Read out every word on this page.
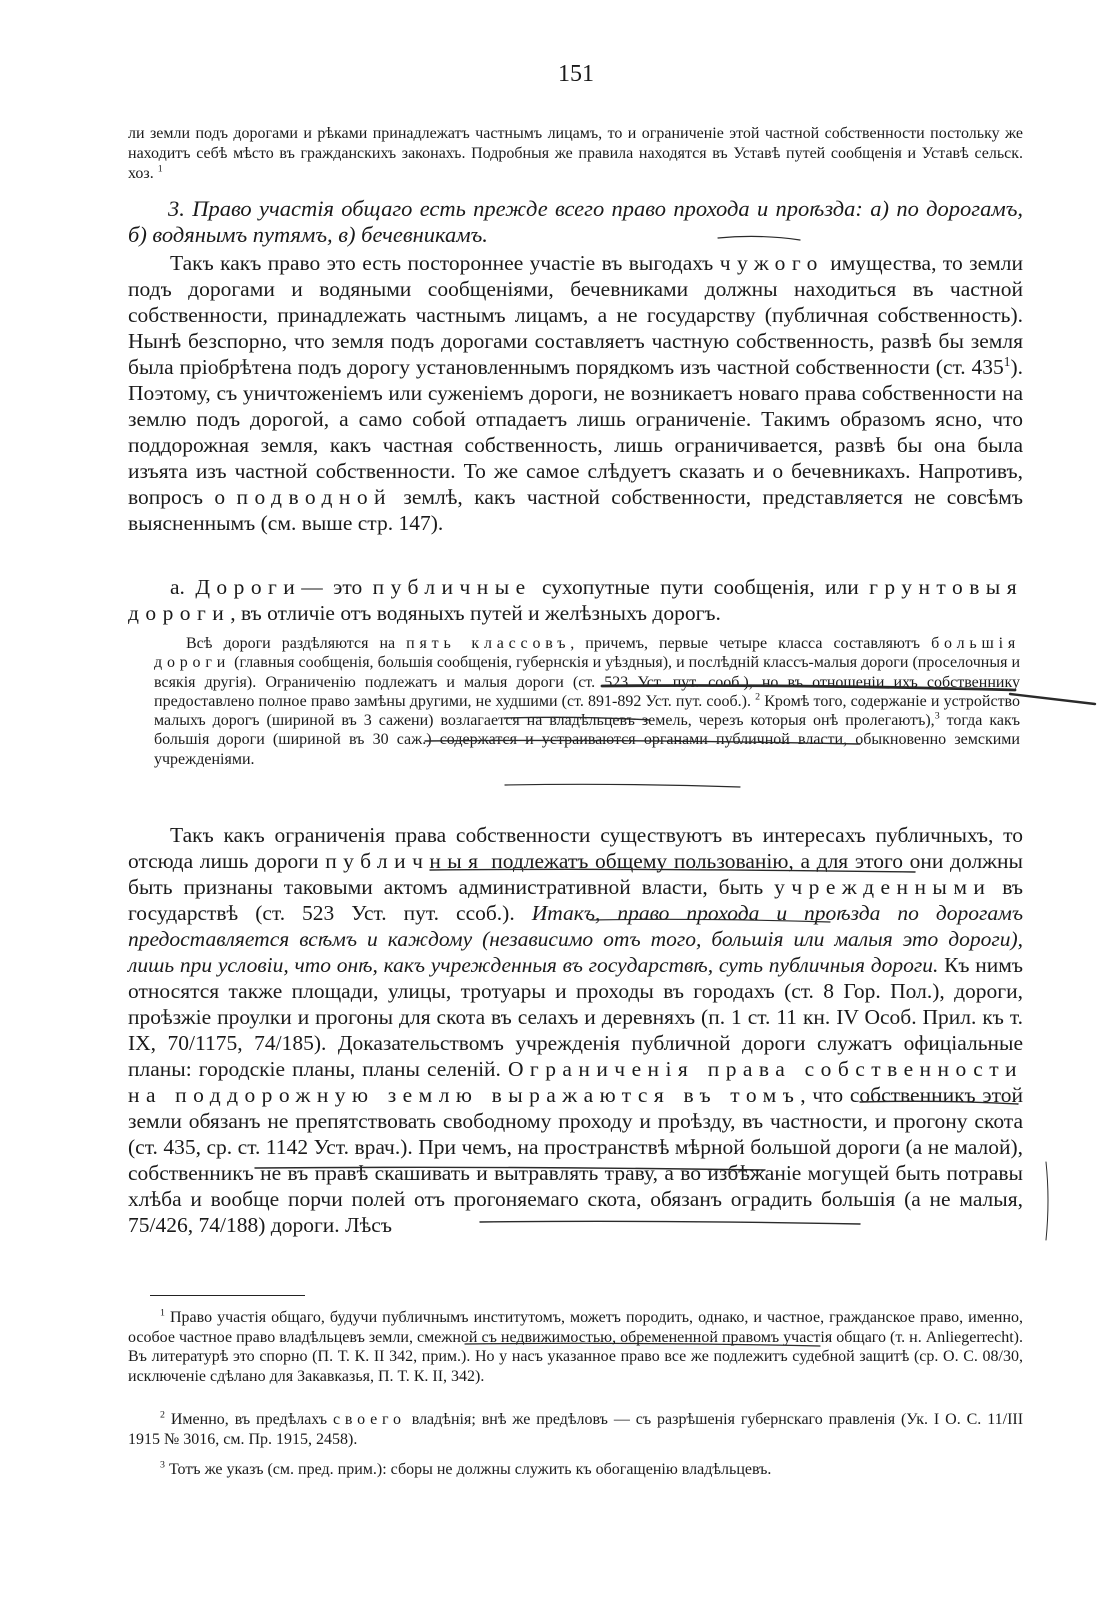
151

ли земли подъ дорогами и рѣками принадлежатъ частнымъ лицамъ, то и ограниченіе этой частной собственности постольку же находитъ себѣ мѣсто въ гражданскихъ законахъ. Подробныя же правила находятся въ Уставѣ путей сообщенія и Уставѣ сельск. хоз. $^1$

3. Право участія общаго есть прежде всего право прохода и проѣзда: а) по дорогамъ, б) водянымъ путямъ, в) бечевникамъ.

Такъ какъ право это есть постороннее участіе въ выгодахъ чужого имущества, то земли подъ дорогами и водяными сообщеніями, бечевниками должны находиться въ частной собственности, принадлежать частнымъ лицамъ, а не государству (публичная собственность). Нынѣ безспорно, что земля подъ дорогами составляетъ частную собственность, развѣ бы земля была пріобрѣтена подъ дорогу установленнымъ порядкомъ изъ частной собственности (ст. $435^1$). Поэтому, съ уничтоженіемъ или суженіемъ дороги, не возникаетъ новаго права собственности на землю подъ дорогой, а само собой отпадаетъ лишь ограниченіе. Такимъ образомъ ясно, что поддорожная земля, какъ частная собственность, лишь ограничивается, развѣ бы она была изъята изъ частной собственности. То же самое слѣдуетъ сказать и о бечевникахъ. Напротивъ, вопросъ о подводной землѣ, какъ частной собственности, представляется не совсѣмъ выясненнымъ (см. выше стр. 147).

а. Дороги— это публичные сухопутные пути сообщенія, или грунтовыя дороги, въ отличіе отъ водяныхъ путей и желѣзныхъ дорогъ.

Всѣ дороги раздѣляются на пять классовъ, причемъ, первые четыре класса составляютъ большія дороги (главныя сообщенія, большія сообщенія, губернскія и уѣздныя), и послѣдній классъ-малыя дороги (проселочныя и всякія другія). Ограниченію подлежатъ и малыя дороги (ст. 523 Уст. пут. сооб.), но въ отношеніи ихъ собственнику предоставлено полное право замѣны другими, не худшими (ст. 891-892 Уст. пут. сооб.). $^2$ Кромѣ того, содержаніе и устройство малыхъ дорогъ (шириной въ 3 сажени) возлагается на владѣльцевъ земель, черезъ которыя онѣ пролегаютъ),$^3$ тогда какъ большія дороги (шириной въ 30 саж.) содержатся и устраиваются органами публичной власти, обыкновенно земскими учрежденіями.

Такъ какъ ограниченія права собственности существуютъ въ интересахъ публичныхъ, то отсюда лишь дороги публичныя подлежатъ общему пользованію, а для этого они должны быть признаны таковыми актомъ административной власти, быть учрежденными въ государствѣ (ст. 523 Уст. пут. ссоб.). Итакъ, право прохода и проѣзда по дорогамъ предоставляется всѣмъ и каждому (независимо отъ того, большія или малыя это дороги), лишь при условіи, что онѣ, какъ учрежденныя въ государствѣ, суть публичныя дороги. Къ нимъ относятся также площади, улицы, тротуары и проходы въ городахъ (ст. 8 Гор. Пол.), дороги, проѣзжіе проулки и прогоны для скота въ селахъ и деревняхъ (п. 1 ст. 11 кн. IV Особ. Прил. къ т. IX, 70/1175, 74/185). Доказательствомъ учрежденія публичной дороги служатъ офиціальные планы: городскіе планы, планы селеній. Ограниченія права собственности на поддорожную землю выражаются въ томъ, что собственникъ этой земли обязанъ не препятствовать свободному проходу и проѣзду, въ частности, и прогону скота (ст. 435, ср. ст. 1142 Уст. врач.). При чемъ, на пространствѣ мѣрной большой дороги (а не малой), собственникъ не въ правѣ скашивать и вытравлять траву, а во избѣжаніе могущей быть потравы хлѣба и вообще порчи полей отъ прогоняемаго скота, обязанъ оградить большія (а не малыя, 75/426, 74/188) дороги. Лѣсъ

$^1$ Право участія общаго, будучи публичнымъ институтомъ, можетъ породить, однако, и частное, гражданское право, именно, особое частное право владѣльцевъ земли, смежной съ недвижимостью, обремененной правомъ участія общаго (т. н. Anliegerrecht). Въ литературѣ это спорно (П. Т. К. II 342, прим.). Но у насъ указанное право все же подлежитъ судебной защитѣ (ср. О. С. 08/30, исключеніе сдѣлано для Закавказья, П. Т. К. II, 342).

$^2$ Именно, въ предѣлахъ своего владѣнія; внѣ же предѣловъ — съ разрѣшенія губернскаго правленія (Ук. I О. С. 11/III 1915 № 3016, см. Пр. 1915, 2458).

$^3$ Тотъ же указъ (см. пред. прим.): сборы не должны служить къ обогащенію владѣльцевъ.
